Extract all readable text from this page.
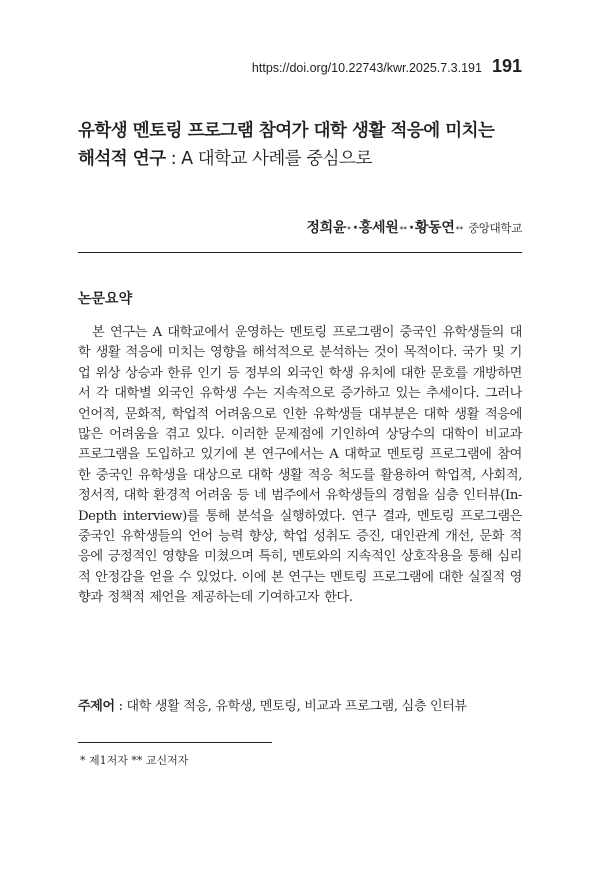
https://doi.org/10.22743/kwr.2025.7.3.191 191
유학생 멘토링 프로그램 참여가 대학 생활 적응에 미치는
해석적 연구 : A 대학교 사례를 중심으로
정희윤 * · 홍세원 ** · 황동연 ** 중앙대학교
논문요약
본 연구는 A 대학교에서 운영하는 멘토링 프로그램이 중국인 유학생들의 대학 생활 적응에 미치는 영향을 해석적으로 분석하는 것이 목적이다. 국가 및 기업 위상 상승과 한류 인기 등 정부의 외국인 학생 유치에 대한 문호를 개방하면서 각 대학별 외국인 유학생 수는 지속적으로 증가하고 있는 추세이다. 그러나 언어적, 문화적, 학업적 어려움으로 인한 유학생들 대부분은 대학 생활 적응에 많은 어려움을 겪고 있다. 이러한 문제점에 기인하여 상당수의 대학이 비교과 프로그램을 도입하고 있기에 본 연구에서는 A 대학교 멘토링 프로그램에 참여한 중국인 유학생을 대상으로 대학 생활 적응 척도를 활용하여 학업적, 사회적, 정서적, 대학 환경적 어려움 등 네 범주에서 유학생들의 경험을 심층 인터뷰(In-Depth interview)를 통해 분석을 실행하였다. 연구 결과, 멘토링 프로그램은 중국인 유학생들의 언어 능력 향상, 학업 성취도 증진, 대인관계 개선, 문화 적응에 긍정적인 영향을 미쳤으며 특히, 멘토와의 지속적인 상호작용을 통해 심리적 안정감을 얻을 수 있었다. 이에 본 연구는 멘토링 프로그램에 대한 실질적 영향과 정책적 제언을 제공하는데 기여하고자 한다.
주제어 : 대학 생활 적응, 유학생, 멘토링, 비교과 프로그램, 심층 인터뷰
* 제1저자 ** 교신저자
